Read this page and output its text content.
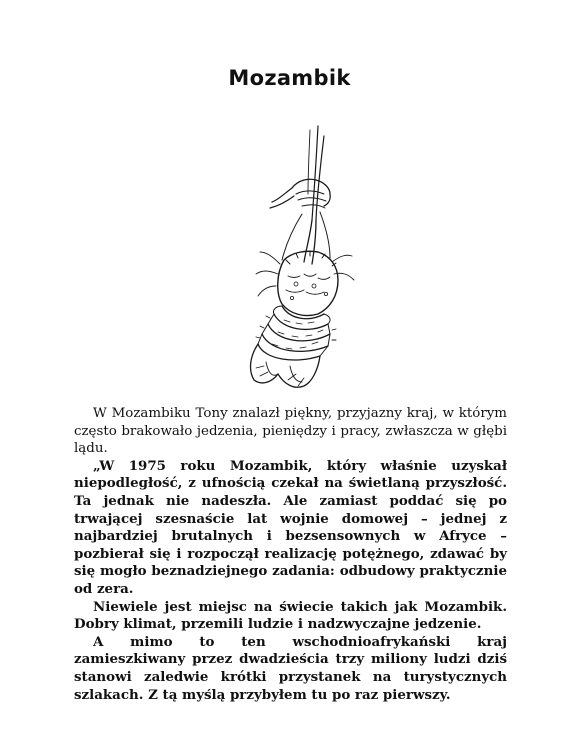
Mozambik

W Mozambiku Tony znalazł piękny, przyjazny kraj, w którym często brakowało jedzenia, pieniędzy i pracy, zwłaszcza w głębi lądu.

„W 1975 roku Mozambik, który właśnie uzyskał niepodległość, z ufnością czekał na świetlaną przyszłość. Ta jednak nie nadeszła. Ale zamiast poddać się po trwającej szesnaście lat wojnie domowej – jednej z najbardziej brutalnych i bezsensownych w Afryce – pozbierał się i rozpoczął realizację potężnego, zdawać by się mogło beznadziejnego zadania: odbudowy praktycznie od zera.

Niewiele jest miejsc na świecie takich jak Mozambik. Dobry klimat, przemili ludzie i nadzwyczajne jedzenie.

A mimo to ten wschodnioafrykański kraj zamieszkiwany przez dwadzieścia trzy miliony ludzi dziś stanowi zaledwie krótki przystanek na turystycznych szlakach. Z tą myślą przybyłem tu po raz pierwszy.
